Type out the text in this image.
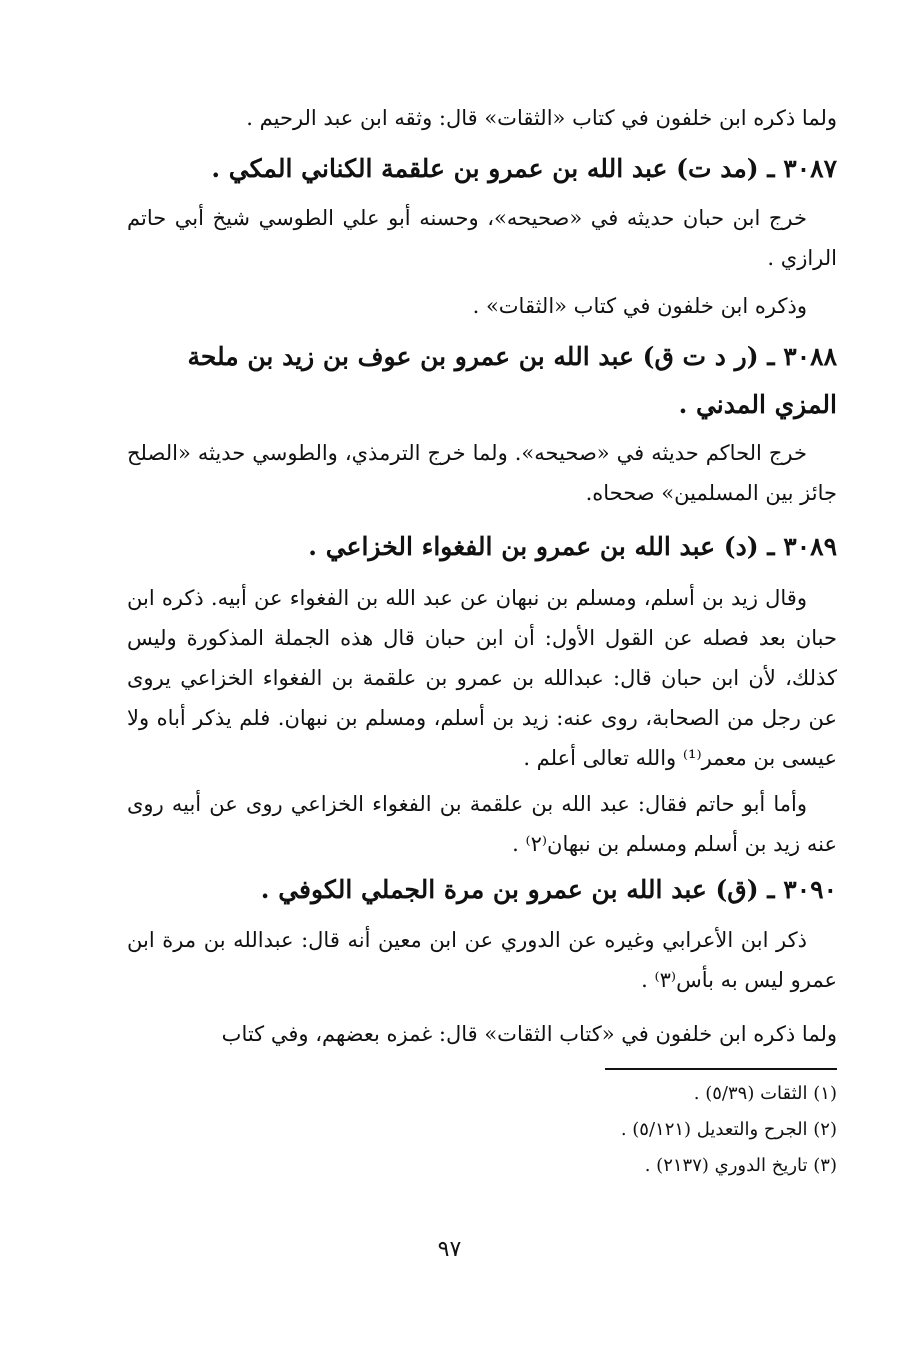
ولما ذكره ابن خلفون في كتاب «الثقات» قال: وثقه ابن عبد الرحيم .
٣٠٨٧ ـ (مد ت) عبد الله بن عمرو بن علقمة الكناني المكي .
خرج ابن حبان حديثه في «صحيحه»، وحسنه أبو علي الطوسي شيخ أبي حاتم الرازي .
وذكره ابن خلفون في كتاب «الثقات» .
٣٠٨٨ ـ (ر د ت ق) عبد الله بن عمرو بن عوف بن زيد بن ملحة المزي المدني .
خرج الحاكم حديثه في «صحيحه». ولما خرج الترمذي، والطوسي حديثه «الصلح جائز بين المسلمين» صححاه.
٣٠٨٩ ـ (د) عبد الله بن عمرو بن الفغواء الخزاعي .
وقال زيد بن أسلم، ومسلم بن نبهان عن عبد الله بن الفغواء عن أبيه. ذكره ابن حبان بعد فصله عن القول الأول: أن ابن حبان قال هذه الجملة المذكورة وليس كذلك، لأن ابن حبان قال: عبدالله بن عمرو بن علقمة بن الفغواء الخزاعي يروى عن رجل من الصحابة، روى عنه: زيد بن أسلم، ومسلم بن نبهان. فلم يذكر أباه ولا عيسى بن معمر⁽¹⁾ والله تعالى أعلم .
وأما أبو حاتم فقال: عبد الله بن علقمة بن الفغواء الخزاعي روى عن أبيه روى عنه زيد بن أسلم ومسلم بن نبهان⁽٢⁾ .
٣٠٩٠ ـ (ق) عبد الله بن عمرو بن مرة الجملي الكوفي .
ذكر ابن الأعرابي وغيره عن الدوري عن ابن معين أنه قال: عبدالله بن مرة ابن عمرو ليس به بأس⁽٣⁾ .
ولما ذكره ابن خلفون في «كتاب الثقات» قال: غمزه بعضهم، وفي كتاب
(١) الثقات (٥/٣٩) .
(٢) الجرح والتعديل (٥/١٢١) .
(٣) تاريخ الدوري (٢١٣٧) .
٩٧
